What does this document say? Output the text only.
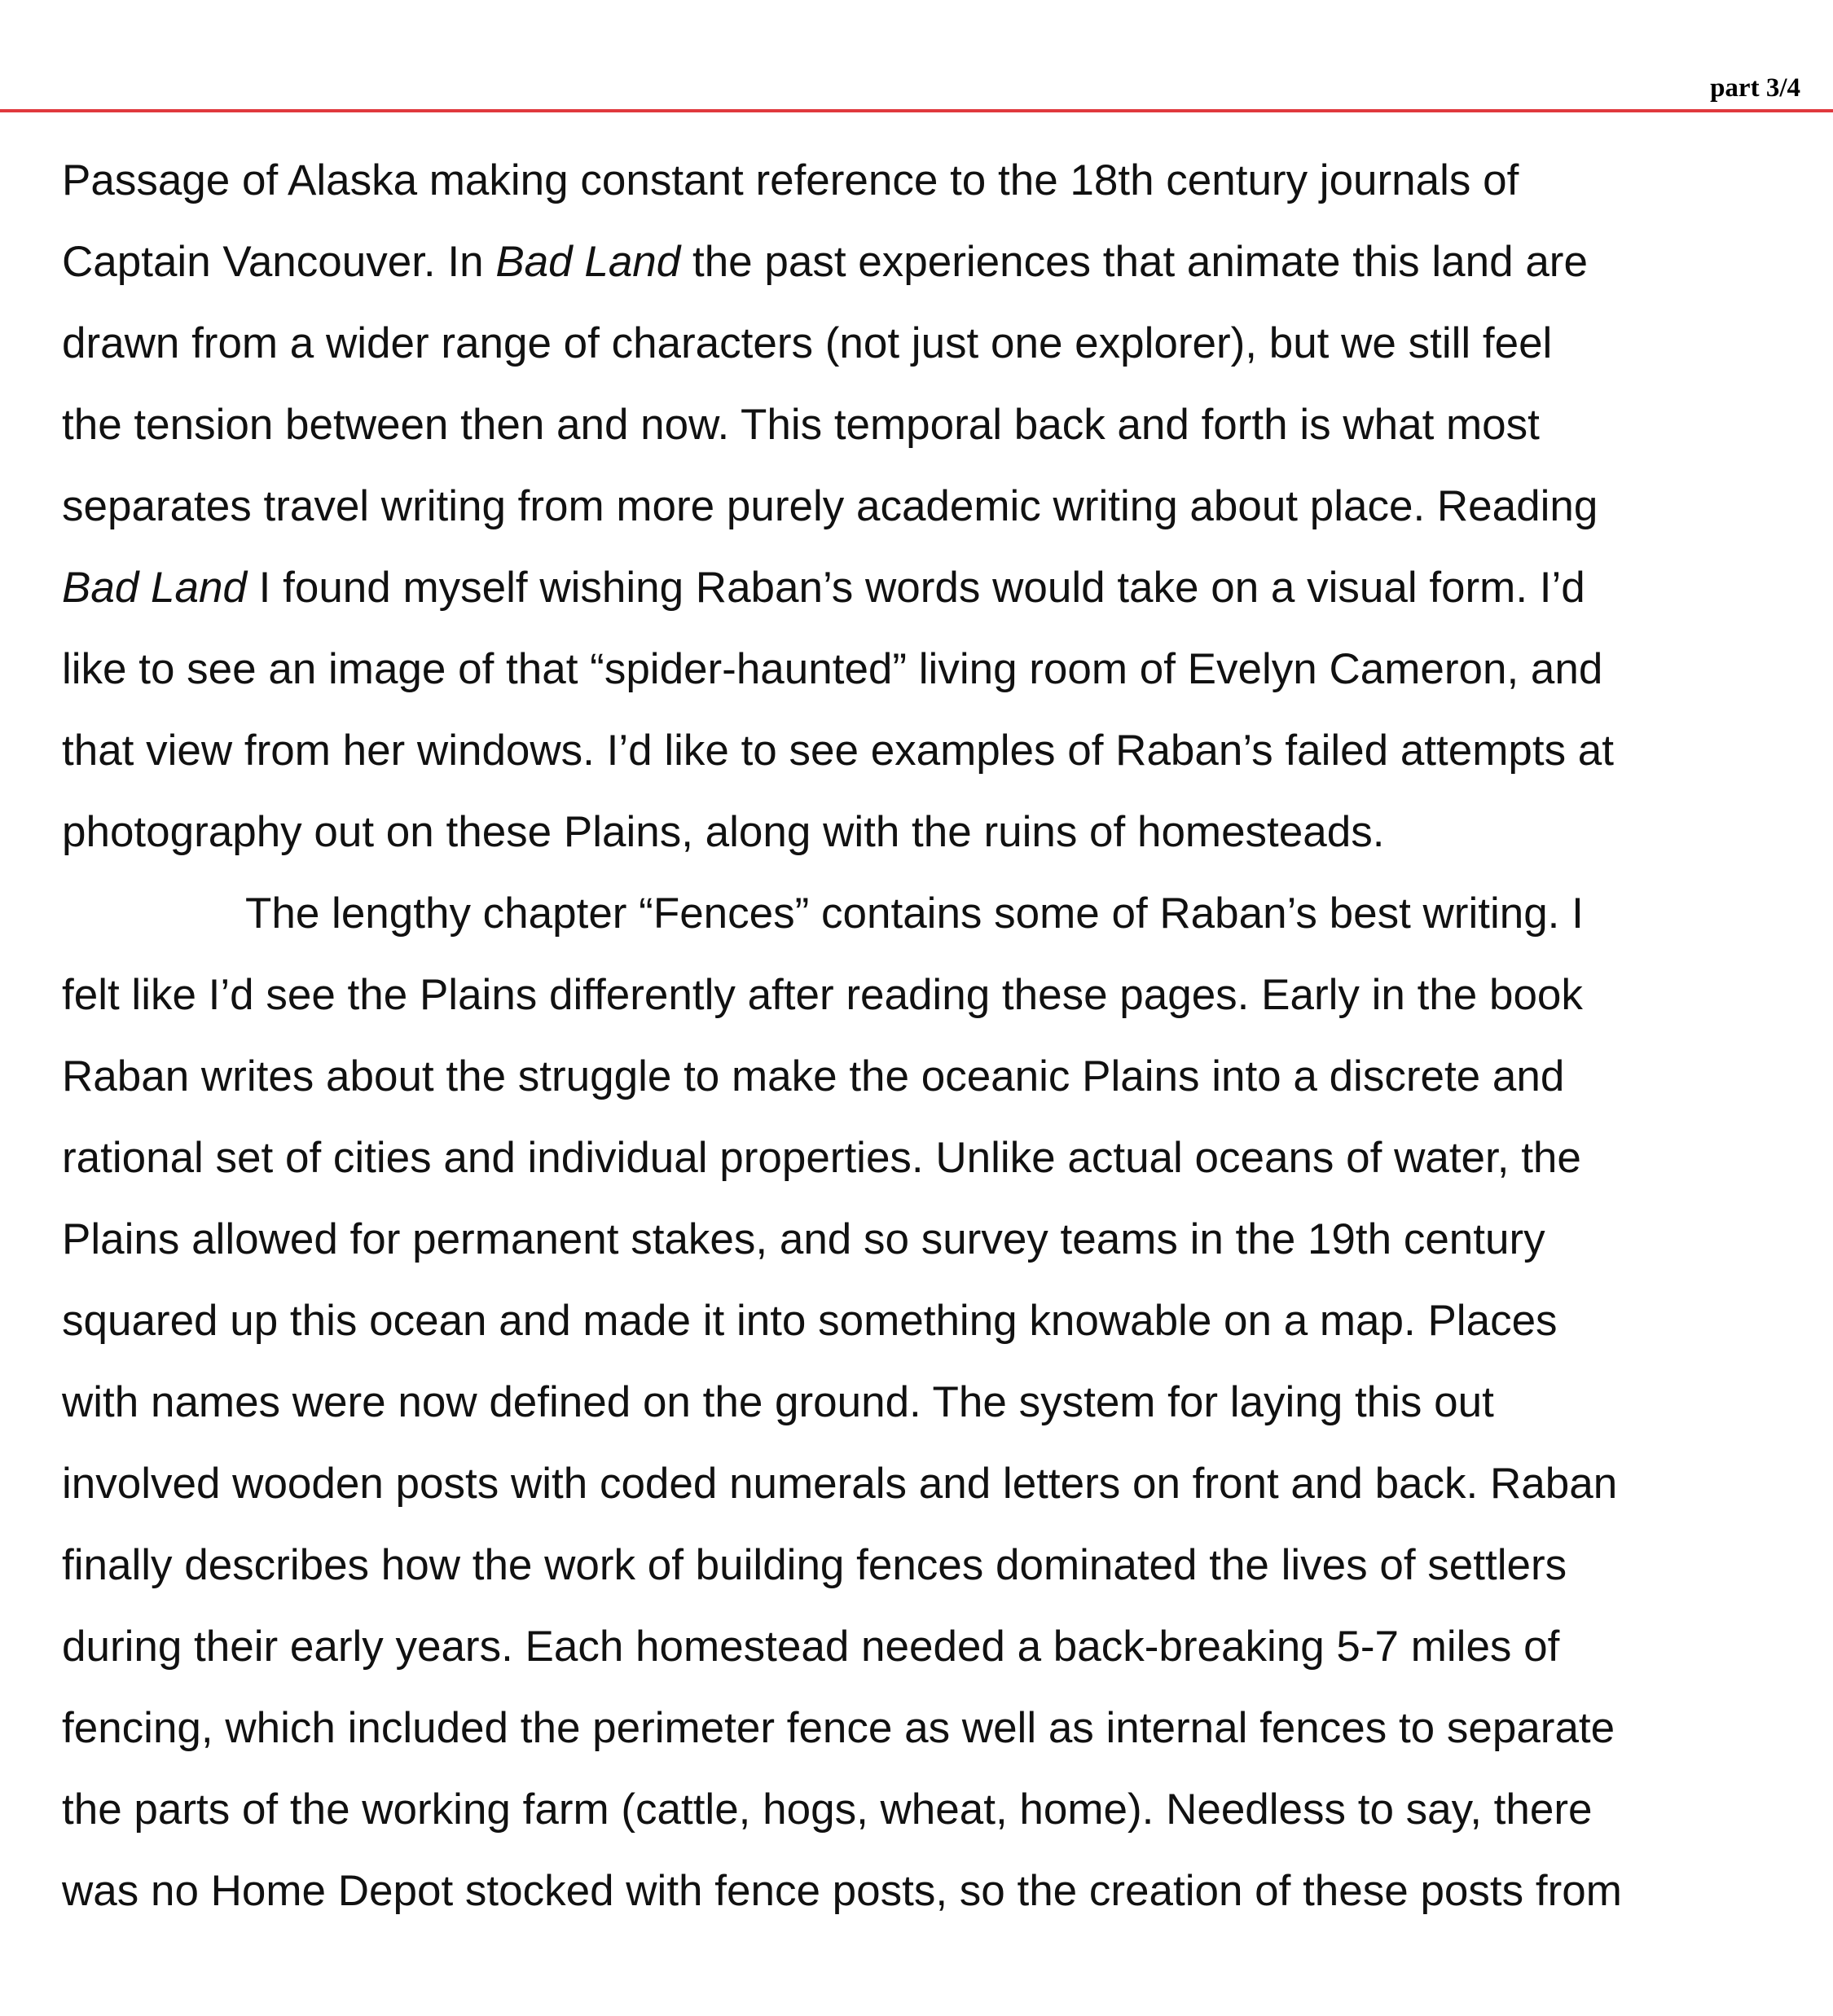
part 3/4
Passage of Alaska making constant reference to the 18th century journals of
Captain Vancouver. In Bad Land the past experiences that animate this land are
drawn from a wider range of characters (not just one explorer), but we still feel
the tension between then and now. This temporal back and forth is what most
separates travel writing from more purely academic writing about place. Reading
Bad Land I found myself wishing Raban’s words would take on a visual form. I’d
like to see an image of that “spider-haunted” living room of Evelyn Cameron, and
that view from her windows. I’d like to see examples of Raban’s failed attempts at
photography out on these Plains, along with the ruins of homesteads.
The lengthy chapter “Fences” contains some of Raban’s best writing. I
felt like I’d see the Plains differently after reading these pages. Early in the book
Raban writes about the struggle to make the oceanic Plains into a discrete and
rational set of cities and individual properties. Unlike actual oceans of water, the
Plains allowed for permanent stakes, and so survey teams in the 19th century
squared up this ocean and made it into something knowable on a map. Places
with names were now defined on the ground. The system for laying this out
involved wooden posts with coded numerals and letters on front and back. Raban
finally describes how the work of building fences dominated the lives of settlers
during their early years. Each homestead needed a back-breaking 5-7 miles of
fencing, which included the perimeter fence as well as internal fences to separate
the parts of the working farm (cattle, hogs, wheat, home). Needless to say, there
was no Home Depot stocked with fence posts, so the creation of these posts from
